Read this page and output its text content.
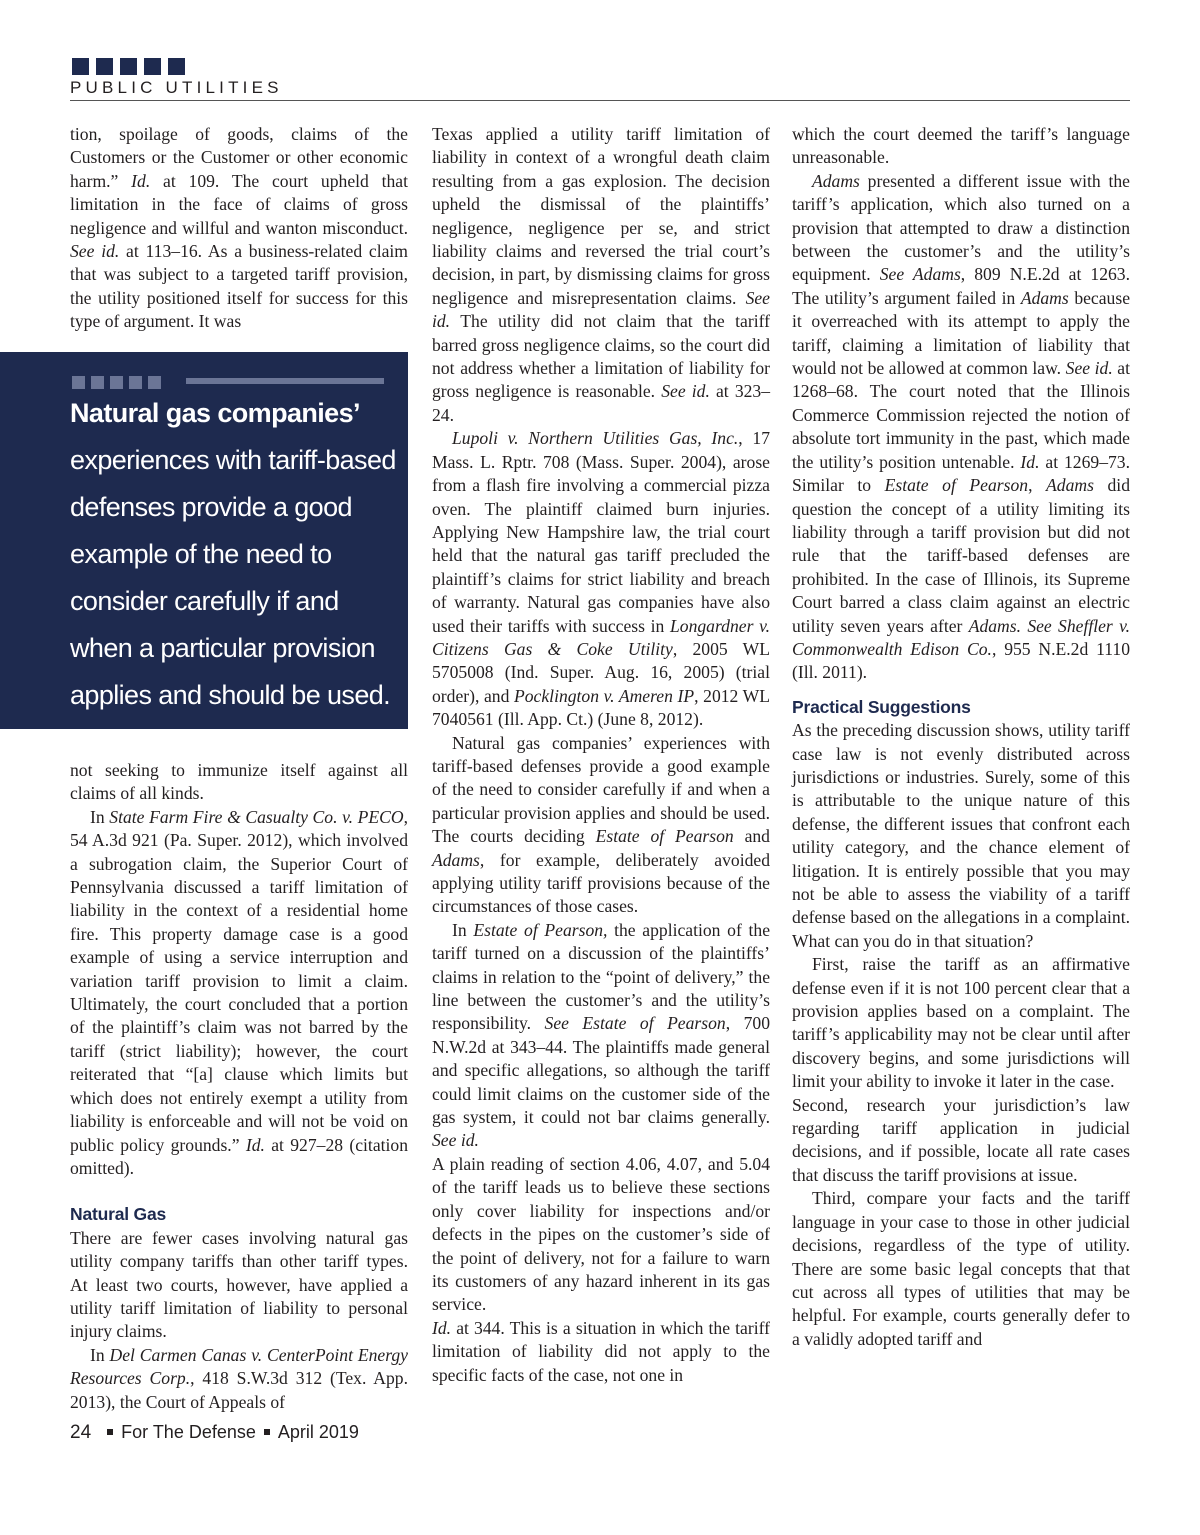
PUBLIC UTILITIES

tion, spoilage of goods, claims of the Customers or the Customer or other economic harm.” Id. at 109. The court upheld that limitation in the face of claims of gross negligence and willful and wanton misconduct. See id. at 113–16. As a business-related claim that was subject to a targeted tariff provision, the utility positioned itself for success for this type of argument. It was

Natural gas companies’ experiences with tariff-based defenses provide a good example of the need to consider carefully if and when a particular provision applies and should be used.

not seeking to immunize itself against all claims of all kinds.

In State Farm Fire & Casualty Co. v. PECO, 54 A.3d 921 (Pa. Super. 2012), which involved a subrogation claim, the Superior Court of Pennsylvania discussed a tariff limitation of liability in the context of a residential home fire. This property damage case is a good example of using a service interruption and variation tariff provision to limit a claim. Ultimately, the court concluded that a portion of the plaintiff’s claim was not barred by the tariff (strict liability); however, the court reiterated that “[a] clause which limits but which does not entirely exempt a utility from liability is enforceable and will not be void on public policy grounds.” Id. at 927–28 (citation omitted).

Natural Gas

There are fewer cases involving natural gas utility company tariffs than other tariff types. At least two courts, however, have applied a utility tariff limitation of liability to personal injury claims.

In Del Carmen Canas v. CenterPoint Energy Resources Corp., 418 S.W.3d 312 (Tex. App. 2013), the Court of Appeals of

Texas applied a utility tariff limitation of liability in context of a wrongful death claim resulting from a gas explosion. The decision upheld the dismissal of the plaintiffs’ negligence, negligence per se, and strict liability claims and reversed the trial court’s decision, in part, by dismissing claims for gross negligence and misrepresentation claims. See id. The utility did not claim that the tariff barred gross negligence claims, so the court did not address whether a limitation of liability for gross negligence is reasonable. See id. at 323–24.

Lupoli v. Northern Utilities Gas, Inc., 17 Mass. L. Rptr. 708 (Mass. Super. 2004), arose from a flash fire involving a commercial pizza oven. The plaintiff claimed burn injuries. Applying New Hampshire law, the trial court held that the natural gas tariff precluded the plaintiff’s claims for strict liability and breach of warranty. Natural gas companies have also used their tariffs with success in Longardner v. Citizens Gas & Coke Utility, 2005 WL 5705008 (Ind. Super. Aug. 16, 2005) (trial order), and Pocklington v. Ameren IP, 2012 WL 7040561 (Ill. App. Ct.) (June 8, 2012).

Natural gas companies’ experiences with tariff-based defenses provide a good example of the need to consider carefully if and when a particular provision applies and should be used. The courts deciding Estate of Pearson and Adams, for example, deliberately avoided applying utility tariff provisions because of the circumstances of those cases.

In Estate of Pearson, the application of the tariff turned on a discussion of the plaintiffs’ claims in relation to the “point of delivery,” the line between the customer’s and the utility’s responsibility. See Estate of Pearson, 700 N.W.2d at 343–44. The plaintiffs made general and specific allegations, so although the tariff could limit claims on the customer side of the gas system, it could not bar claims generally. See id.

A plain reading of section 4.06, 4.07, and 5.04 of the tariff leads us to believe these sections only cover liability for inspections and/or defects in the pipes on the customer’s side of the point of delivery, not for a failure to warn its customers of any hazard inherent in its gas service.

Id. at 344. This is a situation in which the tariff limitation of liability did not apply to the specific facts of the case, not one in

which the court deemed the tariff’s language unreasonable.

Adams presented a different issue with the tariff’s application, which also turned on a provision that attempted to draw a distinction between the customer’s and the utility’s equipment. See Adams, 809 N.E.2d at 1263. The utility’s argument failed in Adams because it overreached with its attempt to apply the tariff, claiming a limitation of liability that would not be allowed at common law. See id. at 1268–68. The court noted that the Illinois Commerce Commission rejected the notion of absolute tort immunity in the past, which made the utility’s position untenable. Id. at 1269–73. Similar to Estate of Pearson, Adams did question the concept of a utility limiting its liability through a tariff provision but did not rule that the tariff-based defenses are prohibited. In the case of Illinois, its Supreme Court barred a class claim against an electric utility seven years after Adams. See Sheffler v. Commonwealth Edison Co., 955 N.E.2d 1110 (Ill. 2011).

Practical Suggestions

As the preceding discussion shows, utility tariff case law is not evenly distributed across jurisdictions or industries. Surely, some of this is attributable to the unique nature of this defense, the different issues that confront each utility category, and the chance element of litigation. It is entirely possible that you may not be able to assess the viability of a tariff defense based on the allegations in a complaint. What can you do in that situation?

First, raise the tariff as an affirmative defense even if it is not 100 percent clear that a provision applies based on a complaint. The tariff’s applicability may not be clear until after discovery begins, and some jurisdictions will limit your ability to invoke it later in the case.

Second, research your jurisdiction’s law regarding tariff application in judicial decisions, and if possible, locate all rate cases that discuss the tariff provisions at issue.

Third, compare your facts and the tariff language in your case to those in other judicial decisions, regardless of the type of utility. There are some basic legal concepts that that cut across all types of utilities that may be helpful. For example, courts generally defer to a validly adopted tariff and

24 For The Defense April 2019
